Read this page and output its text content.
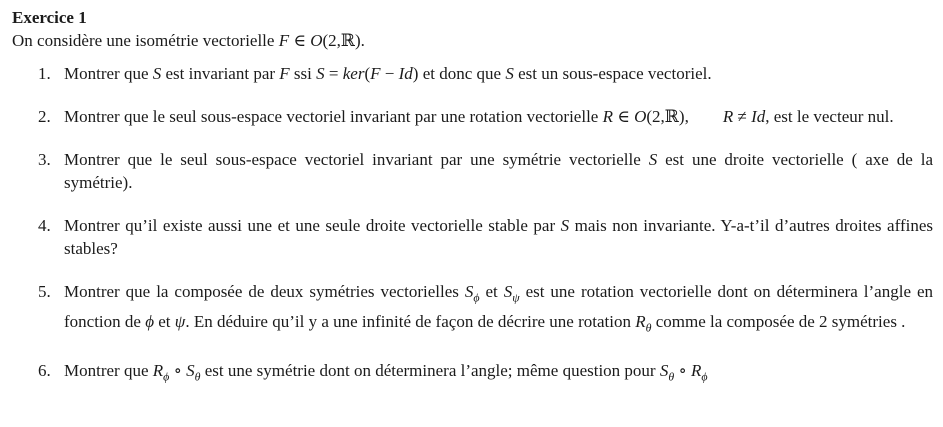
Exercice 1
On considère une isométrie vectorielle F ∈ O(2,ℝ).
1. Montrer que S est invariant par F ssi S = ker(F − Id) et donc que S est un sous-espace vectoriel.
2. Montrer que le seul sous-espace vectoriel invariant par une rotation vectorielle R ∈ O(2,ℝ), R ≠ Id, est le vecteur nul.
3. Montrer que le seul sous-espace vectoriel invariant par une symétrie vectorielle S est une droite vectorielle ( axe de la symétrie).
4. Montrer qu’il existe aussi une et une seule droite vectorielle stable par S mais non invariante. Y-a-t’il d’autres droites affines stables?
5. Montrer que la composée de deux symétries vectorielles $S_\phi$ et $S_\psi$ est une rotation vectorielle dont on déterminera l’angle en fonction de ϕ et ψ. En déduire qu’il y a une infinité de façon de décrire une rotation $R_\theta$ comme la composée de 2 symétries .
6. Montrer que $R_\phi$ ∘ $S_\theta$ est une symétrie dont on déterminera l’angle; même question pour $S_\theta$ ∘ $R_\phi$
